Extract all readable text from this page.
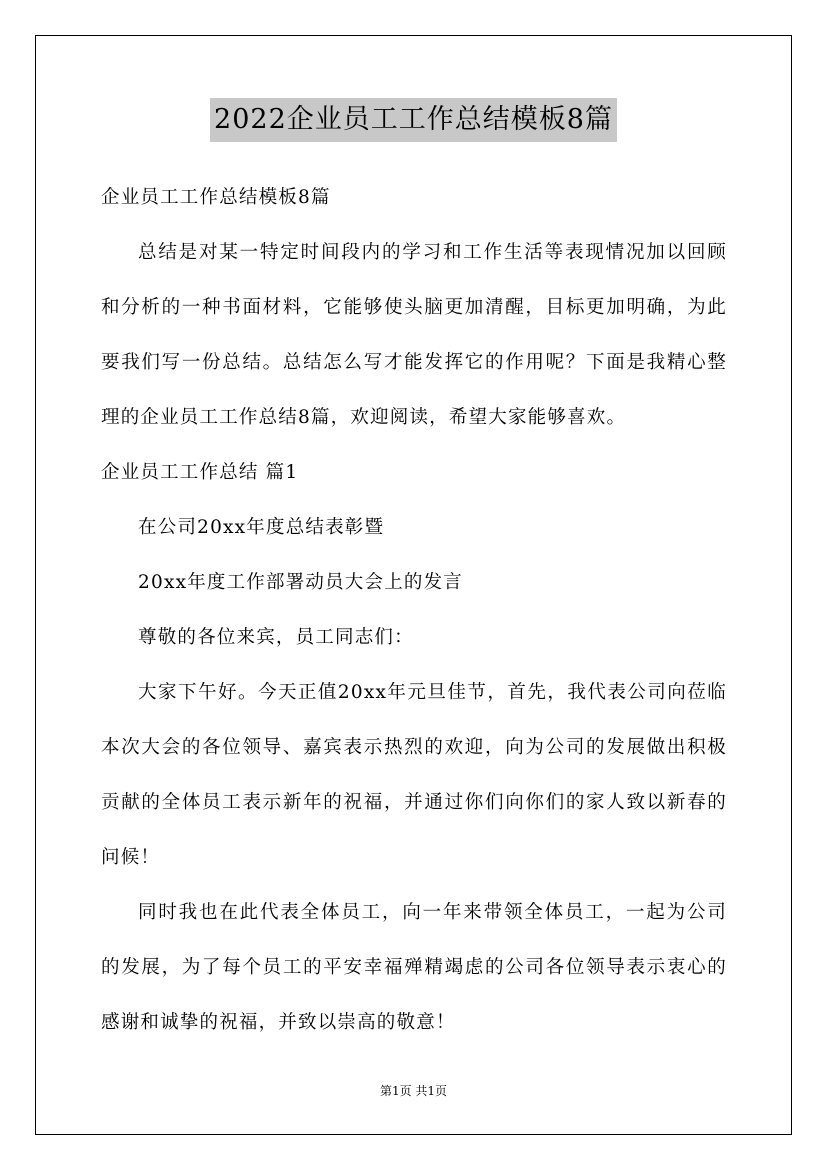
2022企业员工工作总结模板8篇

企业员工工作总结模板8篇

总结是对某一特定时间段内的学习和工作生活等表现情况加以回顾和分析的一种书面材料，它能够使头脑更加清醒，目标更加明确，为此要我们写一份总结。总结怎么写才能发挥它的作用呢？下面是我精心整理的企业员工工作总结8篇，欢迎阅读，希望大家能够喜欢。

企业员工工作总结 篇1

在公司20xx年度总结表彰暨

20xx年度工作部署动员大会上的发言

尊敬的各位来宾，员工同志们：

大家下午好。今天正值20xx年元旦佳节，首先，我代表公司向莅临本次大会的各位领导、嘉宾表示热烈的欢迎，向为公司的发展做出积极贡献的全体员工表示新年的祝福，并通过你们向你们的家人致以新春的问候！

同时我也在此代表全体员工，向一年来带领全体员工，一起为公司的发展，为了每个员工的平安幸福殚精竭虑的公司各位领导表示衷心的感谢和诚挚的祝福，并致以崇高的敬意！

第1页 共1页
